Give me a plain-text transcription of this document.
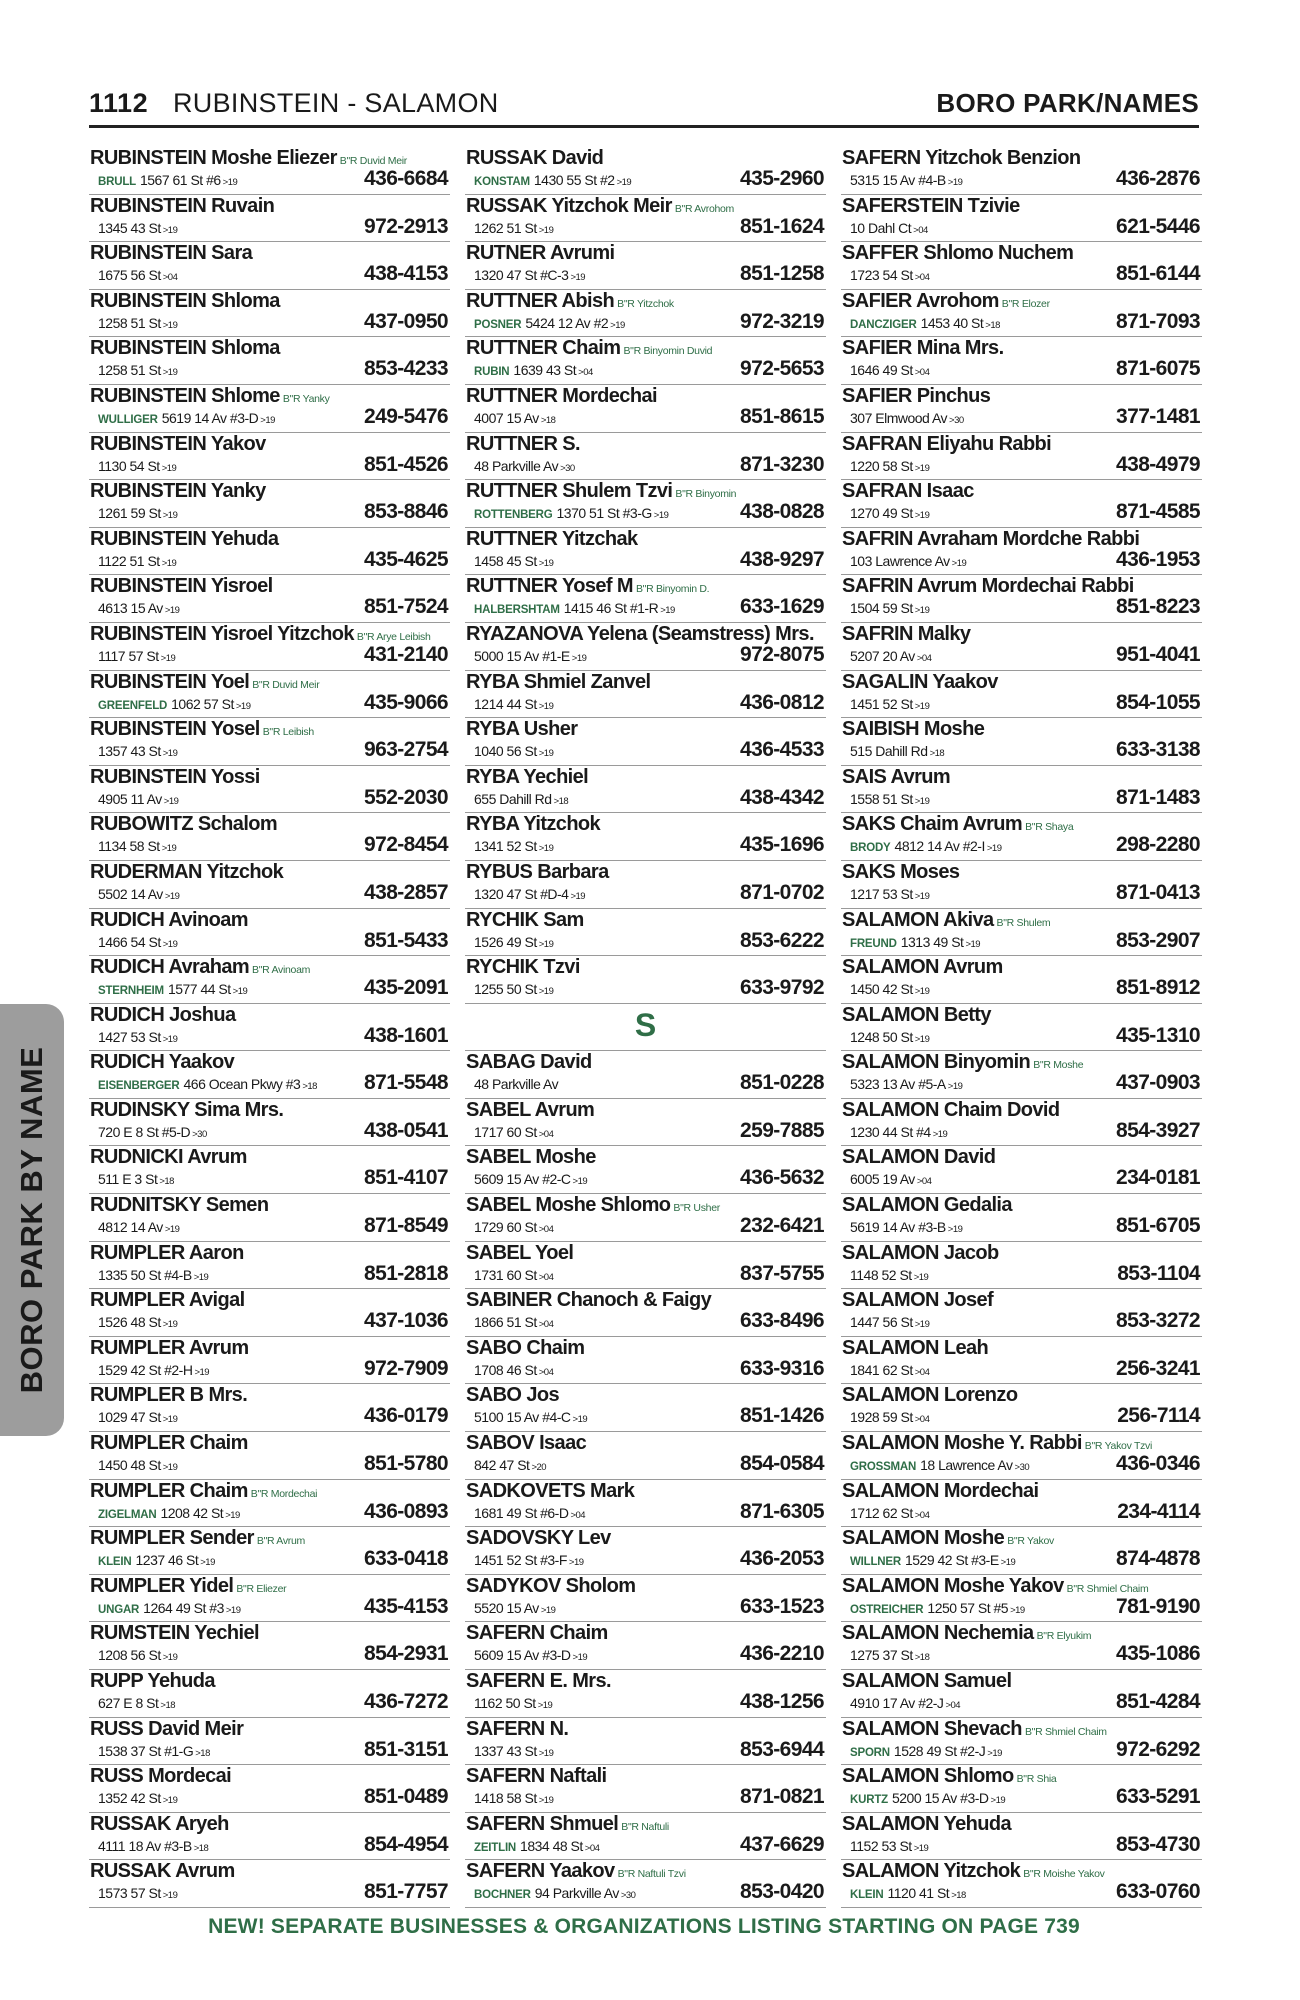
1112 RUBINSTEIN - SALAMON	BORO PARK/NAMES
RUBINSTEIN Moshe Eliezer B"R Duvid Meir
BRULL 1567 61 St #6 >19	436-6684
RUBINSTEIN Ruvain
1345 43 St >19	972-2913
RUBINSTEIN Sara
1675 56 St >04	438-4153
RUBINSTEIN Shloma
1258 51 St >19	437-0950
RUBINSTEIN Shloma
1258 51 St >19	853-4233
RUBINSTEIN Shlome B"R Yanky
WULLIGER 5619 14 Av #3-D >19	249-5476
RUBINSTEIN Yakov
1130 54 St >19	851-4526
RUBINSTEIN Yanky
1261 59 St >19	853-8846
RUBINSTEIN Yehuda
1122 51 St >19	435-4625
RUBINSTEIN Yisroel
4613 15 Av >19	851-7524
RUBINSTEIN Yisroel Yitzchok B"R Arye Leibish
1117 57 St >19	431-2140
RUBINSTEIN Yoel B"R Duvid Meir
GREENFELD 1062 57 St >19	435-9066
RUBINSTEIN Yosel B"R Leibish
1357 43 St >19	963-2754
RUBINSTEIN Yossi
4905 11 Av >19	552-2030
RUBOWITZ Schalom
1134 58 St >19	972-8454
RUDERMAN Yitzchok
5502 14 Av >19	438-2857
RUDICH Avinoam
1466 54 St >19	851-5433
RUDICH Avraham B"R Avinoam
STERNHEIM 1577 44 St >19	435-2091
RUDICH Joshua
1427 53 St >19	438-1601
RUDICH Yaakov
EISENBERGER 466 Ocean Pkwy #3 >18 871-5548
RUDINSKY Sima Mrs.
720 E 8 St #5-D >30	438-0541
RUDNICKI Avrum
511 E 3 St >18	851-4107
RUDNITSKY Semen
4812 14 Av >19	871-8549
RUMPLER Aaron
1335 50 St #4-B >19	851-2818
RUMPLER Avigal
1526 48 St >19	437-1036
RUMPLER Avrum
1529 42 St #2-H >19	972-7909
RUMPLER B Mrs.
1029 47 St >19	436-0179
RUMPLER Chaim
1450 48 St >19	851-5780
RUMPLER Chaim B"R Mordechai
ZIGELMAN 1208 42 St >19	436-0893
RUMPLER Sender B"R Avrum
KLEIN 1237 46 St >19	633-0418
RUMPLER Yidel B"R Eliezer
UNGAR 1264 49 St #3 >19	435-4153
RUMSTEIN Yechiel
1208 56 St >19	854-2931
RUPP Yehuda
627 E 8 St >18	436-7272
RUSS David Meir
1538 37 St #1-G >18	851-3151
RUSS Mordecai
1352 42 St >19	851-0489
RUSSAK Aryeh
4111 18 Av #3-B >18	854-4954
RUSSAK Avrum
1573 57 St >19	851-7757
RUSSAK David
KONSTAM 1430 55 St #2 >19	435-2960
RUSSAK Yitzchok Meir B"R Avrohom
1262 51 St >19	851-1624
RUTNER Avrumi
1320 47 St #C-3 >19	851-1258
RUTTNER Abish B"R Yitzchok
POSNER 5424 12 Av #2 >19	972-3219
RUTTNER Chaim B"R Binyomin Duvid
RUBIN 1639 43 St >04	972-5653
RUTTNER Mordechai
4007 15 Av >18	851-8615
RUTTNER S.
48 Parkville Av >30	871-3230
RUTTNER Shulem Tzvi B"R Binyomin
ROTTENBERG 1370 51 St #3-G >19	438-0828
RUTTNER Yitzchak
1458 45 St >19	438-9297
RUTTNER Yosef M B"R Binyomin D.
HALBERSHTAM 1415 46 St #1-R >19	633-1629
RYAZANOVA Yelena (Seamstress) Mrs.
5000 15 Av #1-E >19	972-8075
RYBA Shmiel Zanvel
1214 44 St >19	436-0812
RYBA Usher
1040 56 St >19	436-4533
RYBA Yechiel
655 Dahill Rd >18	438-4342
RYBA Yitzchok
1341 52 St >19	435-1696
RYBUS Barbara
1320 47 St #D-4 >19	871-0702
RYCHIK Sam
1526 49 St >19	853-6222
RYCHIK Tzvi
1255 50 St >19	633-9792
S
SABAG David
48 Parkville Av	851-0228
SABEL Avrum
1717 60 St >04	259-7885
SABEL Moshe
5609 15 Av #2-C >19	436-5632
SABEL Moshe Shlomo B"R Usher
1729 60 St >04	232-6421
SABEL Yoel
1731 60 St >04	837-5755
SABINER Chanoch & Faigy
1866 51 St >04	633-8496
SABO Chaim
1708 46 St >04	633-9316
SABO Jos
5100 15 Av #4-C >19	851-1426
SABOV Isaac
842 47 St >20	854-0584
SADKOVETS Mark
1681 49 St #6-D >04	871-6305
SADOVSKY Lev
1451 52 St #3-F >19	436-2053
SADYKOV Sholom
5520 15 Av >19	633-1523
SAFERN Chaim
5609 15 Av #3-D >19	436-2210
SAFERN E. Mrs.
1162 50 St >19	438-1256
SAFERN N.
1337 43 St >19	853-6944
SAFERN Naftali
1418 58 St >19	871-0821
SAFERN Shmuel B"R Naftuli
ZEITLIN 1834 48 St >04	437-6629
SAFERN Yaakov B"R Naftuli Tzvi
BOCHNER 94 Parkville Av >30	853-0420
SAFERN Yitzchok Benzion
5315 15 Av #4-B >19	436-2876
SAFERSTEIN Tzivie
10 Dahl Ct >04	621-5446
SAFFER Shlomo Nuchem
1723 54 St >04	851-6144
SAFIER Avrohom B"R Elozer
DANCZIGER 1453 40 St >18	871-7093
SAFIER Mina Mrs.
1646 49 St >04	871-6075
SAFIER Pinchus
307 Elmwood Av >30	377-1481
SAFRAN Eliyahu Rabbi
1220 58 St >19	438-4979
SAFRAN Isaac
1270 49 St >19	871-4585
SAFRIN Avraham Mordche Rabbi
103 Lawrence Av >19	436-1953
SAFRIN Avrum Mordechai Rabbi
1504 59 St >19	851-8223
SAFRIN Malky
5207 20 Av >04	951-4041
SAGALIN Yaakov
1451 52 St >19	854-1055
SAIBISH Moshe
515 Dahill Rd >18	633-3138
SAIS Avrum
1558 51 St >19	871-1483
SAKS Chaim Avrum B"R Shaya
BRODY 4812 14 Av #2-I >19	298-2280
SAKS Moses
1217 53 St >19	871-0413
SALAMON Akiva B"R Shulem
FREUND 1313 49 St >19	853-2907
SALAMON Avrum
1450 42 St >19	851-8912
SALAMON Betty
1248 50 St >19	435-1310
SALAMON Binyomin B"R Moshe
5323 13 Av #5-A >19	437-0903
SALAMON Chaim Dovid
1230 44 St #4 >19	854-3927
SALAMON David
6005 19 Av >04	234-0181
SALAMON Gedalia
5619 14 Av #3-B >19	851-6705
SALAMON Jacob
1148 52 St >19	853-1104
SALAMON Josef
1447 56 St >19	853-3272
SALAMON Leah
1841 62 St >04	256-3241
SALAMON Lorenzo
1928 59 St >04	256-7114
SALAMON Moshe Y. Rabbi B"R Yakov Tzvi
GROSSMAN 18 Lawrence Av >30	436-0346
SALAMON Mordechai
1712 62 St >04	234-4114
SALAMON Moshe B"R Yakov
WILLNER 1529 42 St #3-E >19	874-4878
SALAMON Moshe Yakov B"R Shmiel Chaim
OSTREICHER 1250 57 St #5 >19	781-9190
SALAMON Nechemia B"R Elyukim
1275 37 St >18	435-1086
SALAMON Samuel
4910 17 Av #2-J >04	851-4284
SALAMON Shevach B"R Shmiel Chaim
SPORN 1528 49 St #2-J >19	972-6292
SALAMON Shlomo B"R Shia
KURTZ 5200 15 Av #3-D >19	633-5291
SALAMON Yehuda
1152 53 St >19	853-4730
SALAMON Yitzchok B"R Moishe Yakov
KLEIN 1120 41 St >18	633-0760
BORO PARK BY NAME
NEW! SEPARATE BUSINESSES & ORGANIZATIONS LISTING STARTING ON PAGE 739
